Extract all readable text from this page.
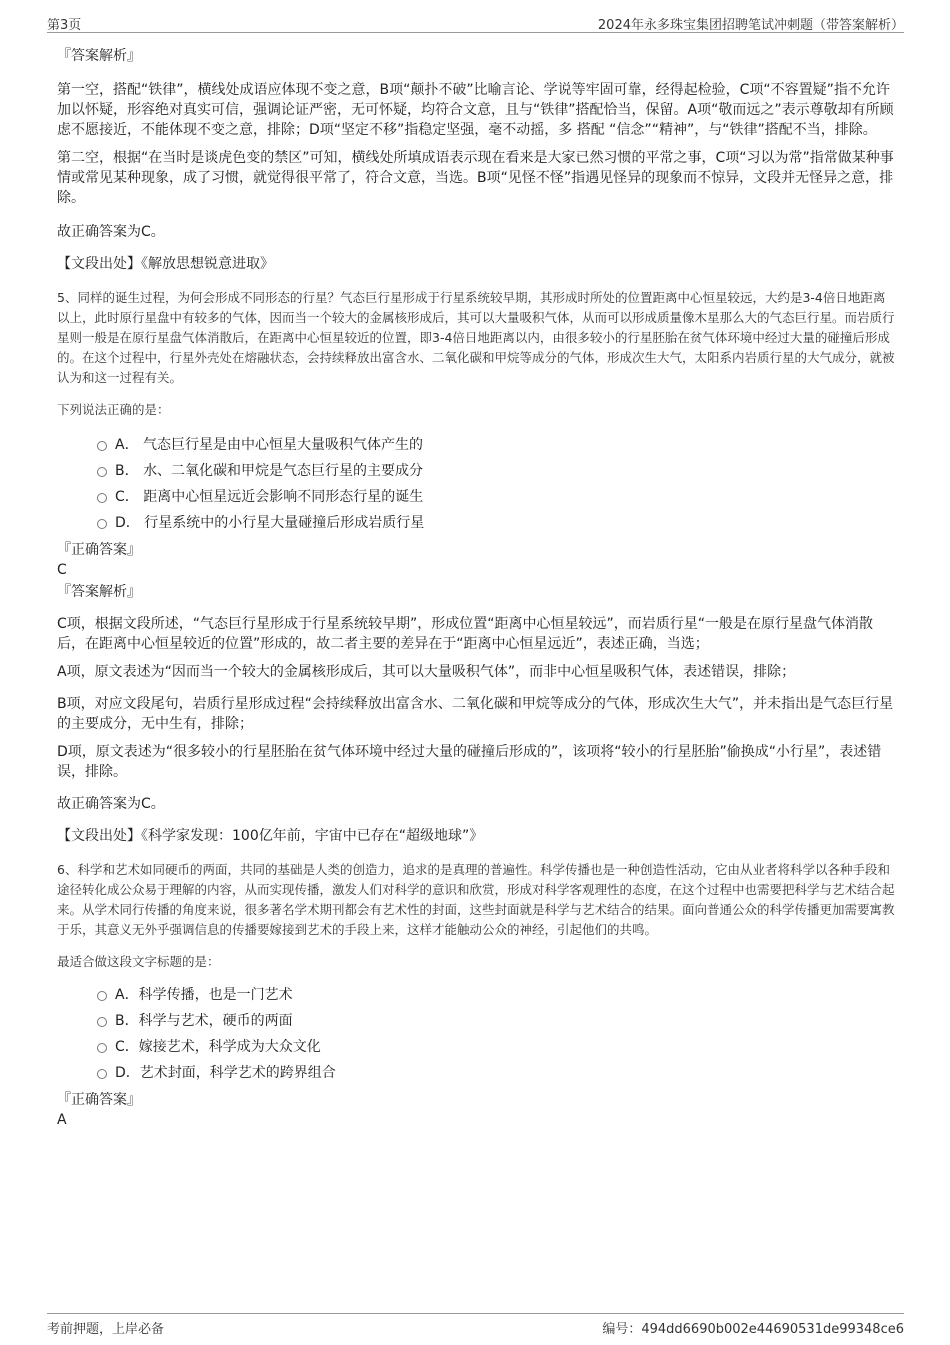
第3页	2024年永多珠宝集团招聘笔试冲刺题（带答案解析）

『答案解析』

第一空，搭配“铁律”，横线处成语应体现不变之意，B项“颠扑不破”比喻言论、学说等牢固可靠，经得起检验，C项“不容置疑”指不允许加以怀疑，形容绝对真实可信，强调论证严密，无可怀疑，均符合文意，且与“铁律”搭配恰当，保留。A项“敬而远之”表示尊敬却有所顾虑不愿接近，不能体现不变之意，排除；D项“坚定不移”指稳定坚强，毫不动摇，多 搭配 “信念”“精神”，与“铁律”搭配不当，排除。

第二空，根据“在当时是谈虎色变的禁区”可知，横线处所填成语表示现在看来是大家已然习惯的平常之事，C项“习以为常”指常做某种事情或常见某种现象，成了习惯，就觉得很平常了，符合文意，当选。B项“见怪不怪”指遇见怪异的现象而不惊异，文段并无怪异之意，排除。

故正确答案为C。

【文段出处】《解放思想锐意进取》

5、同样的诞生过程，为何会形成不同形态的行星？气态巨行星形成于行星系统较早期，其形成时所处的位置距离中心恒星较远，大约是3-4倍日地距离以上，此时原行星盘中有较多的气体，因而当一个较大的金属核形成后，其可以大量吸积气体，从而可以形成质量像木星那么大的气态巨行星。而岩质行星则一般是在原行星盘气体消散后，在距离中心恒星较近的位置，即3-4倍日地距离以内，由很多较小的行星胚胎在贫气体环境中经过大量的碰撞后形成的。在这个过程中，行星外壳处在熔融状态，会持续释放出富含水、二氧化碳和甲烷等成分的气体，形成次生大气，太阳系内岩质行星的大气成分，就被认为和这一过程有关。

下列说法正确的是：

A． 气态巨行星是由中心恒星大量吸积气体产生的
B． 水、二氧化碳和甲烷是气态巨行星的主要成分
C． 距离中心恒星远近会影响不同形态行星的诞生
D． 行星系统中的小行星大量碰撞后形成岩质行星

『正确答案』

C

『答案解析』

C项，根据文段所述，“气态巨行星形成于行星系统较早期”，形成位置“距离中心恒星较远”，而岩质行星“一般是在原行星盘气体消散后，在距离中心恒星较近的位置”形成的，故二者主要的差异在于“距离中心恒星远近”，表述正确，当选；

A项，原文表述为“因而当一个较大的金属核形成后，其可以大量吸积气体”，而非中心恒星吸积气体，表述错误，排除；

B项，对应文段尾句，岩质行星形成过程“会持续释放出富含水、二氧化碳和甲烷等成分的气体，形成次生大气”，并未指出是气态巨行星的主要成分，无中生有，排除；

D项，原文表述为“很多较小的行星胚胎在贫气体环境中经过大量的碰撞后形成的”，该项将“较小的行星胚胎”偷换成“小行星”，表述错误，排除。

故正确答案为C。

【文段出处】《科学家发现：100亿年前，宇宙中已存在“超级地球”》

6、科学和艺术如同硬币的两面，共同的基础是人类的创造力，追求的是真理的普遍性。科学传播也是一种创造性活动，它由从业者将科学以各种手段和途径转化成公众易于理解的内容，从而实现传播，激发人们对科学的意识和欣赏，形成对科学客观理性的态度，在这个过程中也需要把科学与艺术结合起来。从学术同行传播的角度来说，很多著名学术期刊都会有艺术性的封面，这些封面就是科学与艺术结合的结果。面向普通公众的科学传播更加需要寓教于乐，其意义无外乎强调信息的传播要嫁接到艺术的手段上来，这样才能触动公众的神经，引起他们的共鸣。

最适合做这段文字标题的是：

A．科学传播，也是一门艺术
B．科学与艺术，硬币的两面
C．嫁接艺术，科学成为大众文化
D．艺术封面，科学艺术的跨界组合

『正确答案』

A

考前押题，上岸必备	编号：494dd6690b002e44690531de99348ce6
